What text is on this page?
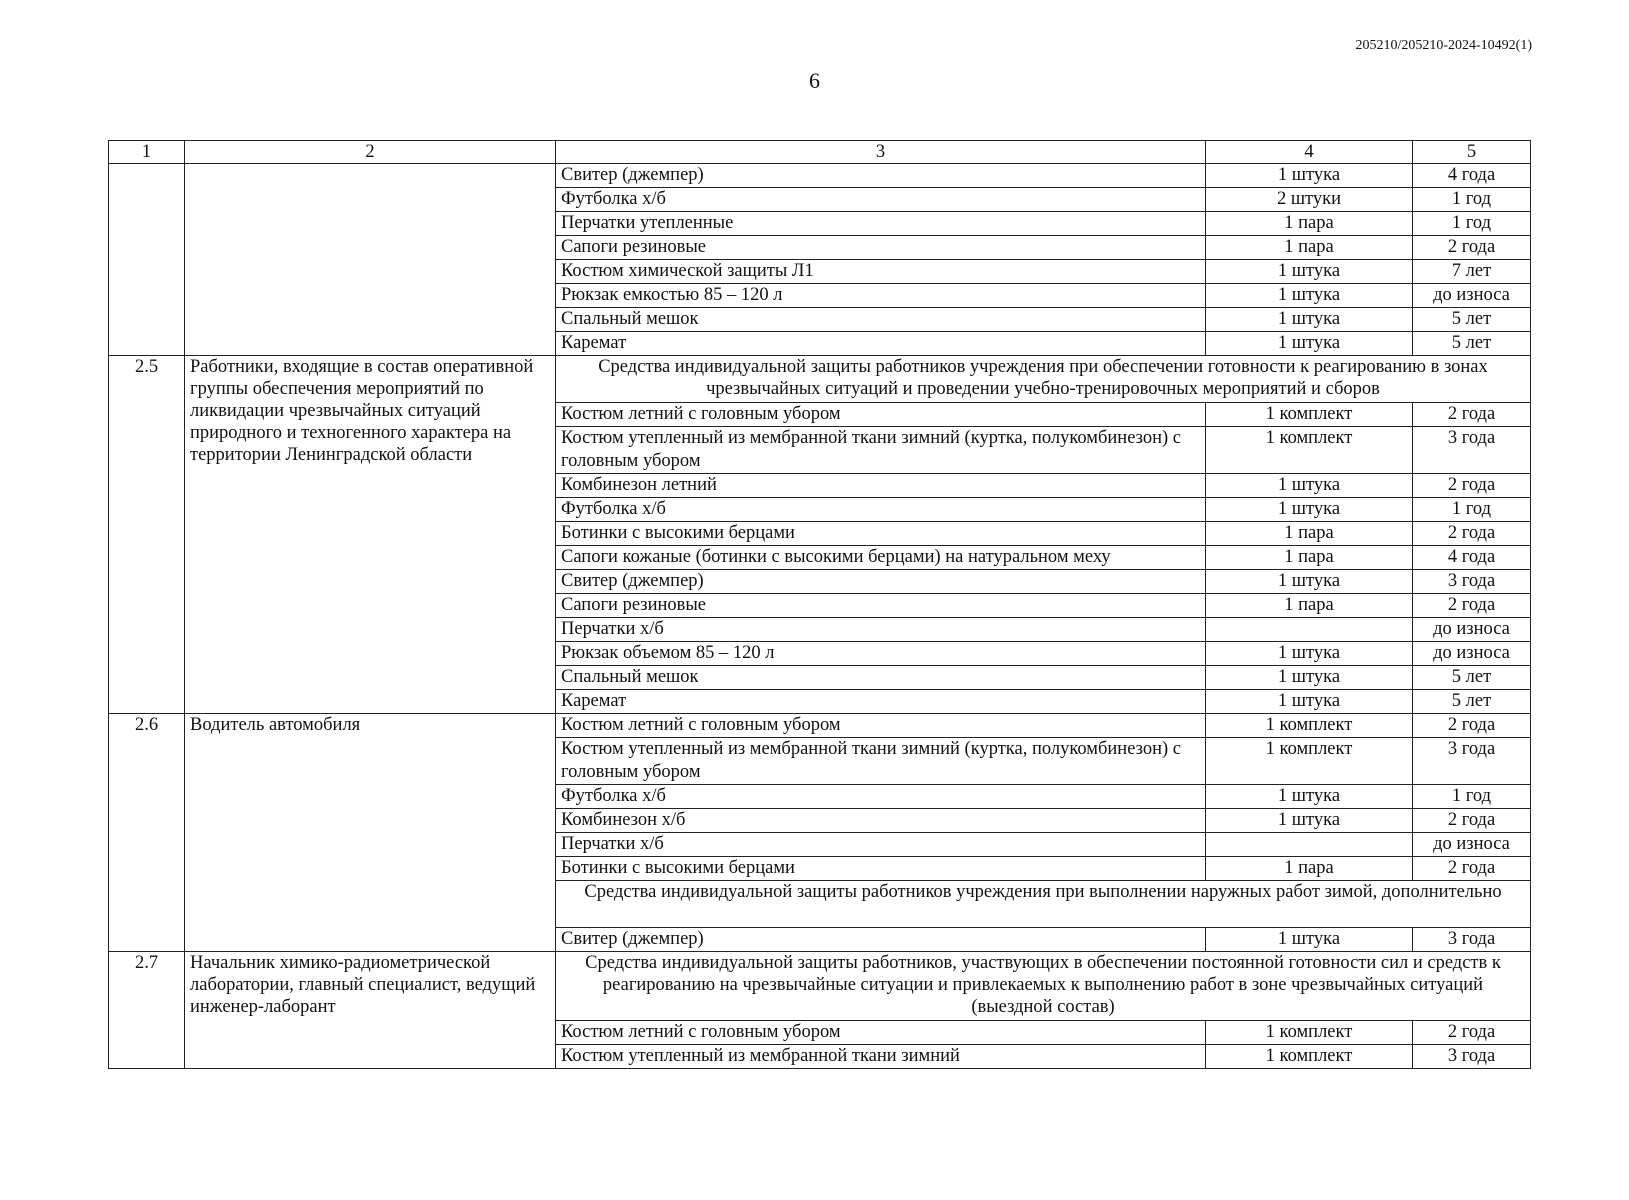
205210/205210-2024-10492(1)
6
1	2	3	4	5
		Свитер (джемпер)	1 штука	4 года
		Футболка х/б	2 штуки	1 год
		Перчатки утепленные	1 пара	1 год
		Сапоги резиновые	1 пара	2 года
		Костюм химической защиты Л1	1 штука	7 лет
		Рюкзак емкостью 85 – 120 л	1 штука	до износа
		Спальный мешок	1 штука	5 лет
		Каремат	1 штука	5 лет
2.5	Работники, входящие в состав оперативной группы обеспечения мероприятий по ликвидации чрезвычайных ситуаций природного и техногенного характера на территории Ленинградской области	Средства индивидуальной защиты работников учреждения при обеспечении готовности к реагированию в зонах чрезвычайных ситуаций и проведении учебно-тренировочных мероприятий и сборов		
		Костюм летний с головным убором	1 комплект	2 года
		Костюм утепленный из мембранной ткани зимний (куртка, полукомбинезон) с головным убором	1 комплект	3 года
		Комбинезон летний	1 штука	2 года
		Футболка х/б	1 штука	1 год
		Ботинки с высокими берцами	1 пара	2 года
		Сапоги кожаные (ботинки с высокими берцами) на натуральном меху	1 пара	4 года
		Свитер (джемпер)	1 штука	3 года
		Сапоги резиновые	1 пара	2 года
		Перчатки х/б		до износа
		Рюкзак объемом 85 – 120 л	1 штука	до износа
		Спальный мешок	1 штука	5 лет
		Каремат	1 штука	5 лет
2.6	Водитель автомобиля	Костюм летний с головным убором	1 комплект	2 года
		Костюм утепленный из мембранной ткани зимний (куртка, полукомбинезон) с головным убором	1 комплект	3 года
		Футболка х/б	1 штука	1 год
		Комбинезон х/б	1 штука	2 года
		Перчатки х/б		до износа
		Ботинки с высокими берцами	1 пара	2 года
		Средства индивидуальной защиты работников учреждения при выполнении наружных работ зимой, дополнительно		
		Свитер (джемпер)	1 штука	3 года
2.7	Начальник химико-радиометрической лаборатории, главный специалист, ведущий инженер-лаборант	Средства индивидуальной защиты работников, участвующих в обеспечении постоянной готовности сил и средств к реагированию на чрезвычайные ситуации и привлекаемых к выполнению работ в зоне чрезвычайных ситуаций (выездной состав)		
		Костюм летний с головным убором	1 комплект	2 года
		Костюм утепленный из мембранной ткани зимний	1 комплект	3 года
